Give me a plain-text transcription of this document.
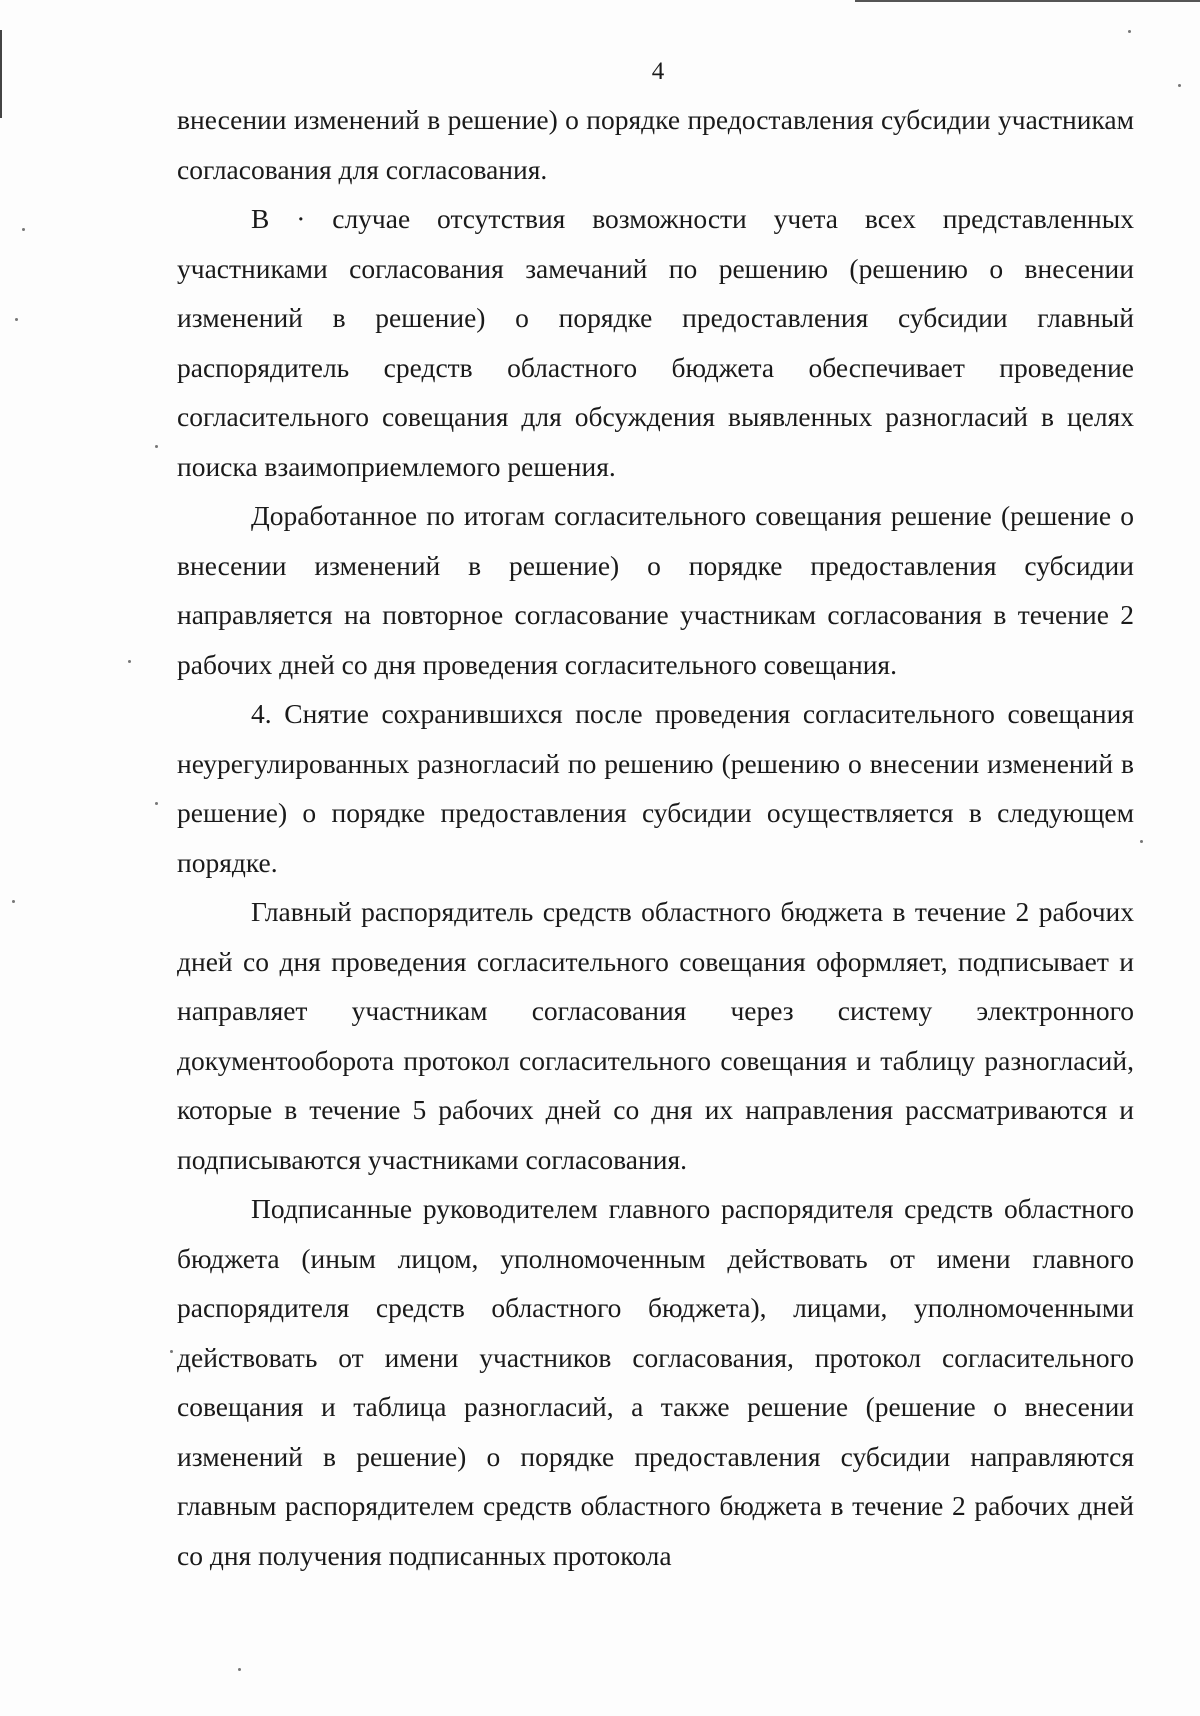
4

внесении изменений в решение) о порядке предоставления субсидии участникам согласования для согласования.

В · случае отсутствия возможности учета всех представленных участниками согласования замечаний по решению (решению о внесении изменений в решение) о порядке предоставления субсидии главный распорядитель средств областного бюджета обеспечивает проведение согласительного совещания для обсуждения выявленных разногласий в целях поиска взаимоприемлемого решения.

Доработанное по итогам согласительного совещания решение (решение о внесении изменений в решение) о порядке предоставления субсидии направляется на повторное согласование участникам согласования в течение 2 рабочих дней со дня проведения согласительного совещания.

4. Снятие сохранившихся после проведения согласительного совещания неурегулированных разногласий по решению (решению о внесении изменений в решение) о порядке предоставления субсидии осуществляется в следующем порядке.

Главный распорядитель средств областного бюджета в течение 2 рабочих дней со дня проведения согласительного совещания оформляет, подписывает и направляет участникам согласования через систему электронного документооборота протокол согласительного совещания и таблицу разногласий, которые в течение 5 рабочих дней со дня их направления рассматриваются и подписываются участниками согласования.

Подписанные руководителем главного распорядителя средств областного бюджета (иным лицом, уполномоченным действовать от имени главного распорядителя средств областного бюджета), лицами, уполномоченными действовать от имени участников согласования, протокол согласительного совещания и таблица разногласий, а также решение (решение о внесении изменений в решение) о порядке предоставления субсидии направляются главным распорядителем средств областного бюджета в течение 2 рабочих дней со дня получения подписанных протокола
